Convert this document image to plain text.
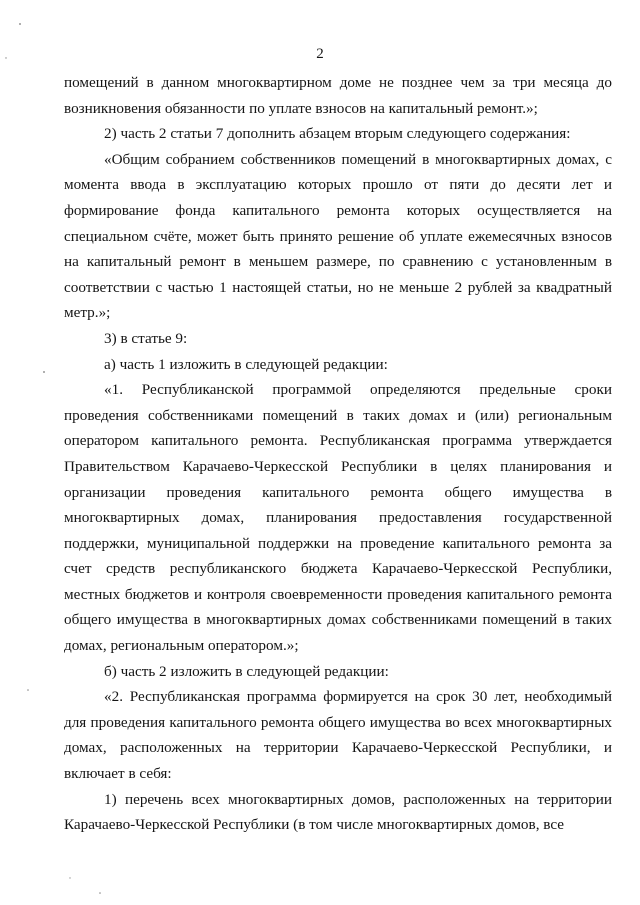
2

помещений в данном многоквартирном доме не позднее чем за три месяца до возникновения обязанности по уплате взносов на капитальный ремонт.»;

2) часть 2 статьи 7 дополнить абзацем вторым следующего содержания:

«Общим собранием собственников помещений в многоквартирных домах, с момента ввода в эксплуатацию которых прошло от пяти до десяти лет и формирование фонда капитального ремонта которых осуществляется на специальном счёте, может быть принято решение об уплате ежемесячных взносов на капитальный ремонт в меньшем размере, по сравнению с установленным в соответствии с частью 1 настоящей статьи, но не меньше 2 рублей за квадратный метр.»;

3) в статье 9:

а) часть 1 изложить в следующей редакции:

«1. Республиканской программой определяются предельные сроки проведения собственниками помещений в таких домах и (или) региональным оператором капитального ремонта. Республиканская программа утверждается Правительством Карачаево-Черкесской Республики в целях планирования и организации проведения капитального ремонта общего имущества в многоквартирных домах, планирования предоставления государственной поддержки, муниципальной поддержки на проведение капитального ремонта за счет средств республиканского бюджета Карачаево-Черкесской Республики, местных бюджетов и контроля своевременности проведения капитального ремонта общего имущества в многоквартирных домах собственниками помещений в таких домах, региональным оператором.»;

б) часть 2 изложить в следующей редакции:

«2. Республиканская программа формируется на срок 30 лет, необходимый для проведения капитального ремонта общего имущества во всех многоквартирных домах, расположенных на территории Карачаево-Черкесской Республики, и включает в себя:

1) перечень всех многоквартирных домов, расположенных на территории Карачаево-Черкесской Республики (в том числе многоквартирных домов, все
